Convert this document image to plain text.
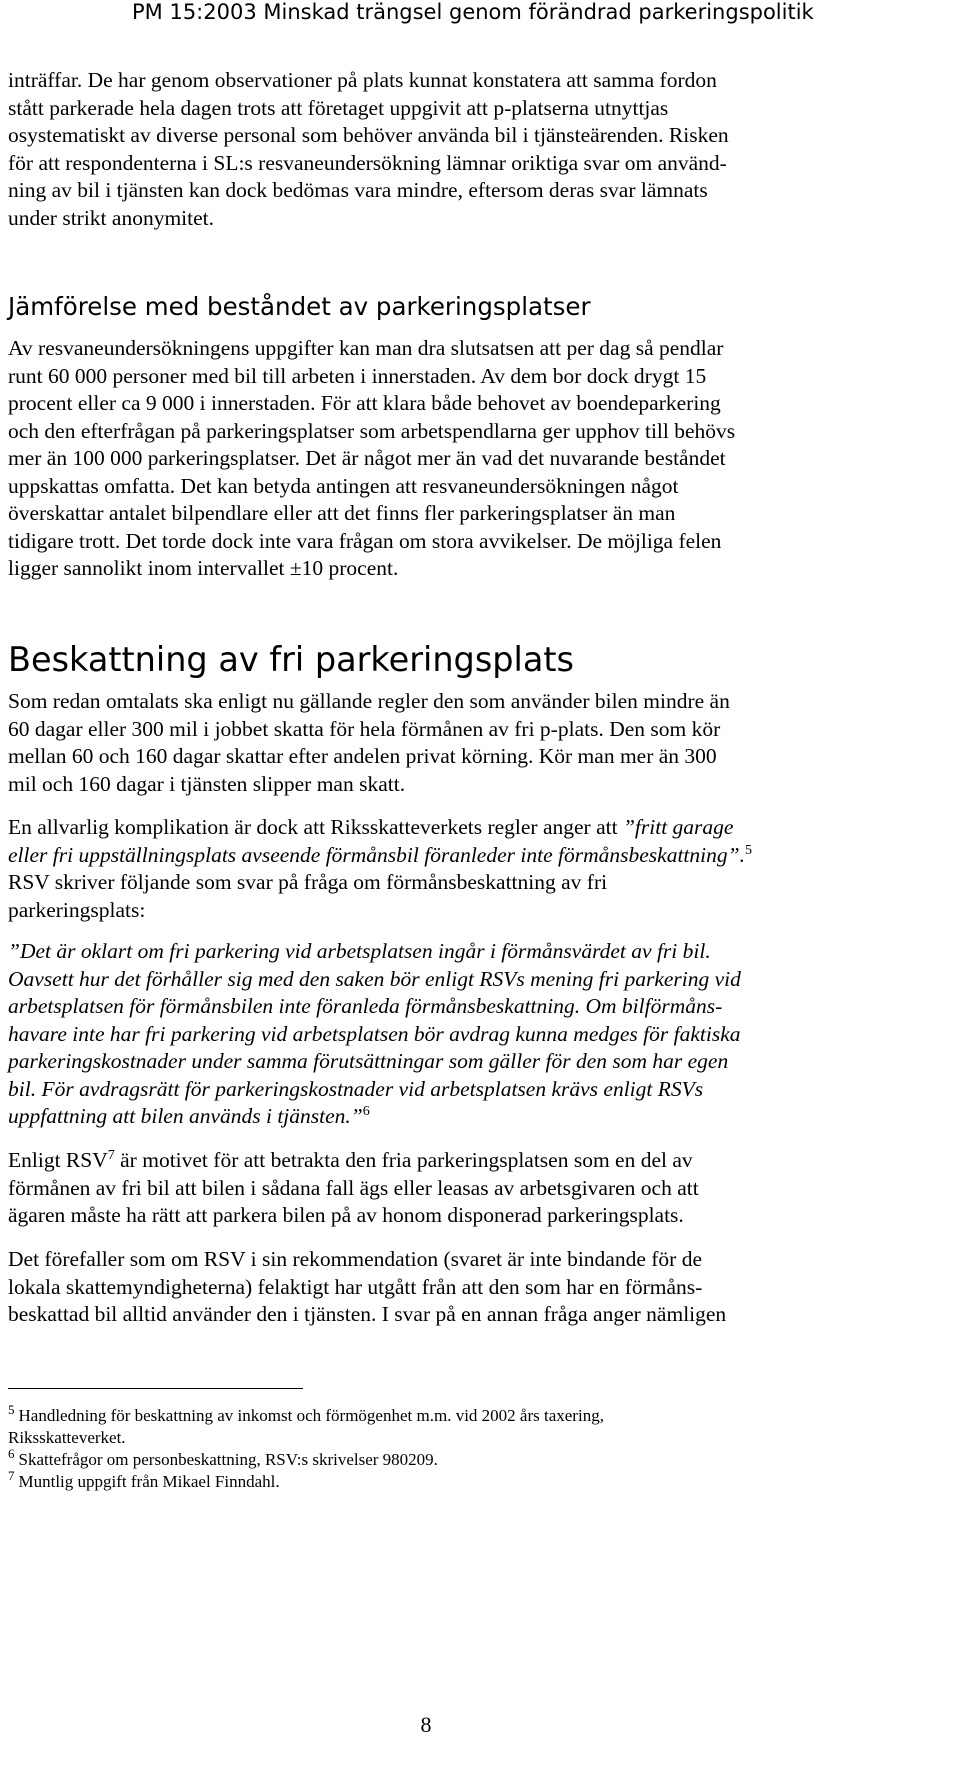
PM 15:2003 Minskad trängsel genom förändrad parkeringspolitik

inträffar. De har genom observationer på plats kunnat konstatera att samma fordon

stått parkerade hela dagen trots att företaget uppgivit att p-platserna utnyttjas

osystematiskt av diverse personal som behöver använda bil i tjänsteärenden. Risken

för att respondenterna i SL:s resvaneundersökning lämnar oriktiga svar om använd-

ning av bil i tjänsten kan dock bedömas vara mindre, eftersom deras svar lämnats

under strikt anonymitet.

Jämförelse med beståndet av parkeringsplatser

Av resvaneundersökningens uppgifter kan man dra slutsatsen att per dag så pendlar

runt 60 000 personer med bil till arbeten i innerstaden. Av dem bor dock drygt 15

procent eller ca 9 000 i innerstaden. För att klara både behovet av boendeparkering

och den efterfrågan på parkeringsplatser som arbetspendlarna ger upphov till behövs

mer än 100 000 parkeringsplatser. Det är något mer än vad det nuvarande beståndet

uppskattas omfatta. Det kan betyda antingen att resvaneundersökningen något

överskattar antalet bilpendlare eller att det finns fler parkeringsplatser än man

tidigare trott. Det torde dock inte vara frågan om stora avvikelser. De möjliga felen

ligger sannolikt inom intervallet ±10 procent.

Beskattning av fri parkeringsplats

Som redan omtalats ska enligt nu gällande regler den som använder bilen mindre än

60 dagar eller 300 mil i jobbet skatta för hela förmånen av fri p-plats. Den som kör

mellan 60 och 160 dagar skattar efter andelen privat körning. Kör man mer än 300

mil och 160 dagar i tjänsten slipper man skatt.

En allvarlig komplikation är dock att Riksskatteverkets regler anger att ”fritt garage

eller fri uppställningsplats avseende förmånsbil föranleder inte förmånsbeskattning”.$^5$

RSV skriver följande som svar på fråga om förmånsbeskattning av fri

parkeringsplats:

”Det är oklart om fri parkering vid arbetsplatsen ingår i förmånsvärdet av fri bil.

Oavsett hur det förhåller sig med den saken bör enligt RSVs mening fri parkering vid

arbetsplatsen för förmånsbilen inte föranleda förmånsbeskattning. Om bilförmåns-

havare inte har fri parkering vid arbetsplatsen bör avdrag kunna medges för faktiska

parkeringskostnader under samma förutsättningar som gäller för den som har egen

bil. För avdragsrätt för parkeringskostnader vid arbetsplatsen krävs enligt RSVs

uppfattning att bilen används i tjänsten.”$^6$

Enligt RSV$^7$ är motivet för att betrakta den fria parkeringsplatsen som en del av

förmånen av fri bil att bilen i sådana fall ägs eller leasas av arbetsgivaren och att

ägaren måste ha rätt att parkera bilen på av honom disponerad parkeringsplats.

Det förefaller som om RSV i sin rekommendation (svaret är inte bindande för de

lokala skattemyndigheterna) felaktigt har utgått från att den som har en förmåns-

beskattad bil alltid använder den i tjänsten. I svar på en annan fråga anger nämligen

$^5$ Handledning för beskattning av inkomst och förmögenhet m.m. vid 2002 års taxering,
Riksskatteverket.
$^6$ Skattefrågor om personbeskattning, RSV:s skrivelser 980209.
$^7$ Muntlig uppgift från Mikael Finndahl.
8
